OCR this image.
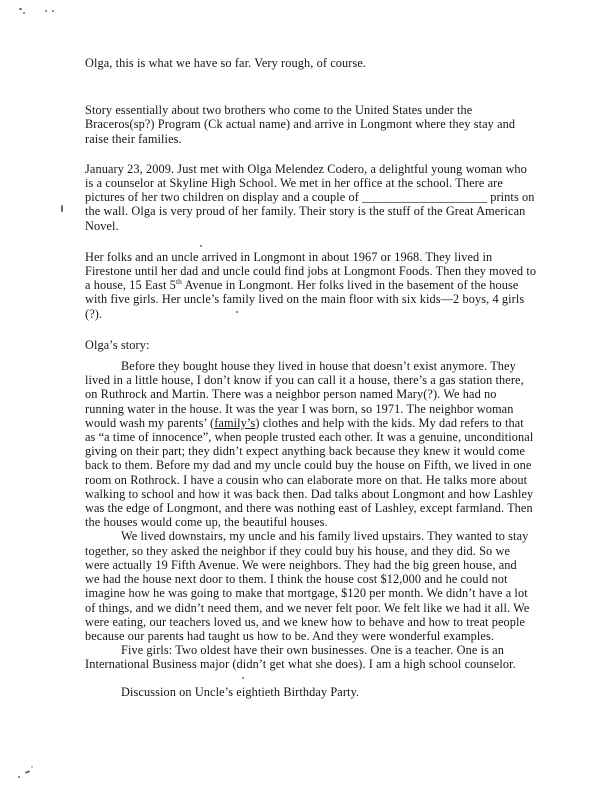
Olga, this is what we have so far. Very rough, of course.
Story essentially about two brothers who come to the United States under the
Braceros(sp?) Program (Ck actual name) and arrive in Longmont where they stay and
raise their families.
January 23, 2009. Just met with Olga Melendez Codero, a delightful young woman who
is a counselor at Skyline High School. We met in her office at the school. There are
pictures of her two children on display and a couple of ____________________ prints on
the wall. Olga is very proud of her family. Their story is the stuff of the Great American
Novel.
Her folks and an uncle arrived in Longmont in about 1967 or 1968. They lived in
Firestone until her dad and uncle could find jobs at Longmont Foods. Then they moved to
a house, 15 East 5th Avenue in Longmont. Her folks lived in the basement of the house
with five girls. Her uncle’s family lived on the main floor with six kids—2 boys, 4 girls
(?).
Olga’s story:
Before they bought house they lived in house that doesn’t exist anymore. They
lived in a little house, I don’t know if you can call it a house, there’s a gas station there,
on Ruthrock and Martin. There was a neighbor person named Mary(?). We had no
running water in the house. It was the year I was born, so 1971. The neighbor woman
would wash my parents’ (family’s) clothes and help with the kids. My dad refers to that
as “a time of innocence”, when people trusted each other. It was a genuine, unconditional
giving on their part; they didn’t expect anything back because they knew it would come
back to them. Before my dad and my uncle could buy the house on Fifth, we lived in one
room on Rothrock. I have a cousin who can elaborate more on that. He talks more about
walking to school and how it was back then. Dad talks about Longmont and how Lashley
was the edge of Longmont, and there was nothing east of Lashley, except farmland. Then
the houses would come up, the beautiful houses.
We lived downstairs, my uncle and his family lived upstairs. They wanted to stay
together, so they asked the neighbor if they could buy his house, and they did. So we
were actually 19 Fifth Avenue. We were neighbors. They had the big green house, and
we had the house next door to them. I think the house cost $12,000 and he could not
imagine how he was going to make that mortgage, $120 per month. We didn’t have a lot
of things, and we didn’t need them, and we never felt poor. We felt like we had it all. We
were eating, our teachers loved us, and we knew how to behave and how to treat people
because our parents had taught us how to be. And they were wonderful examples.
Five girls: Two oldest have their own businesses. One is a teacher. One is an
International Business major (didn’t get what she does). I am a high school counselor.
Discussion on Uncle’s eightieth Birthday Party.
